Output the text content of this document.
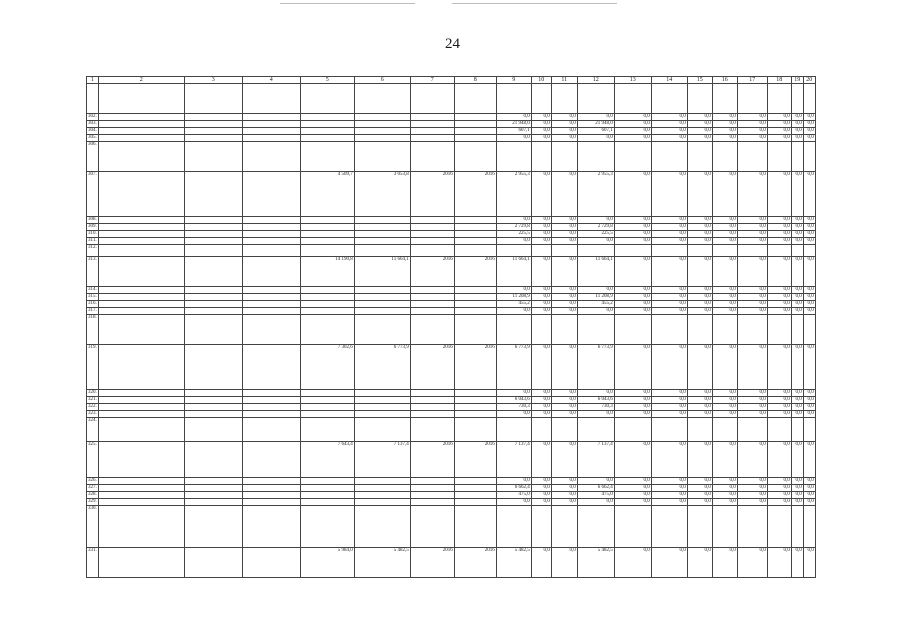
24
1	2	3	4	5	6	7	8	9	10	11	12	13	14	15	16	17	18	19	20

302.								0,0	0,0	0,0	0,0	0,0	0,0	0,0	0,0	0,0	0,0	0,0	0,0
303.								21 948,0	0,0	0,0	21 948,0	0,0	0,0	0,0	0,0	0,0	0,0	0,0	0,0
304.								607,1	0,0	0,0	607,1	0,0	0,0	0,0	0,0	0,0	0,0	0,0	0,0
305.								0,0	0,0	0,0	0,0	0,0	0,0	0,0	0,0	0,0	0,0	0,0	0,0
306.																			
307.				4 509,7	3 053,8	2016	2016	2 955,3	0,0	0,0	2 955,3	0,0	0,0	0,0	0,0	0,0	0,0	0,0	0,0
308.								0,0	0,0	0,0	0,0	0,0	0,0	0,0	0,0	0,0	0,0	0,0	0,0
309.								2 729,8	0,0	0,0	2 729,8	0,0	0,0	0,0	0,0	0,0	0,0	0,0	0,0
310.								225,5	0,0	0,0	225,5	0,0	0,0	0,0	0,0	0,0	0,0	0,0	0,0
311.								0,0	0,0	0,0	0,0	0,0	0,0	0,0	0,0	0,0	0,0	0,0	0,0
312.																			
313.				14 190,8	11 664,1	2016	2016	11 664,1	0,0	0,0	11 664,1	0,0	0,0	0,0	0,0	0,0	0,0	0,0	0,0
314.								0,0	0,0	0,0	0,0	0,0	0,0	0,0	0,0	0,0	0,0	0,0	0,0
315.								11 208,9	0,0	0,0	11 208,9	0,0	0,0	0,0	0,0	0,0	0,0	0,0	0,0
316.								455,2	0,0	0,0	455,2	0,0	0,0	0,0	0,0	0,0	0,0	0,0	0,0
317.								0,0	0,0	0,0	0,0	0,0	0,0	0,0	0,0	0,0	0,0	0,0	0,0
318.																			
319.				7 302,6	6 773,9	2016	2016	6 773,9	0,0	0,0	6 773,9	0,0	0,0	0,0	0,0	0,0	0,0	0,0	0,0
320.								0,0	0,0	0,0	0,0	0,0	0,0	0,0	0,0	0,0	0,0	0,0	0,0
321.								6 043,6	0,0	0,0	6 043,6	0,0	0,0	0,0	0,0	0,0	0,0	0,0	0,0
322.								730,3	0,0	0,0	730,3	0,0	0,0	0,0	0,0	0,0	0,0	0,0	0,0
323.								0,0	0,0	0,0	0,0	0,0	0,0	0,0	0,0	0,0	0,0	0,0	0,0
324.																			
325.				7 643,4	7 137,4	2016	2016	7 137,4	0,0	0,0	7 137,4	0,0	0,0	0,0	0,0	0,0	0,0	0,0	0,0
326.								0,0	0,0	0,0	0,0	0,0	0,0	0,0	0,0	0,0	0,0	0,0	0,0
327.								6 662,4	0,0	0,0	6 662,4	0,0	0,0	0,0	0,0	0,0	0,0	0,0	0,0
328.								475,0	0,0	0,0	475,0	0,0	0,0	0,0	0,0	0,0	0,0	0,0	0,0
329.								0,0	0,0	0,0	0,0	0,0	0,0	0,0	0,0	0,0	0,0	0,0	0,0
330.																			
331.				5 984,0	5 482,5	2016	2016	5 482,5	0,0	0,0	5 482,5	0,0	0,0	0,0	0,0	0,0	0,0	0,0	0,0
